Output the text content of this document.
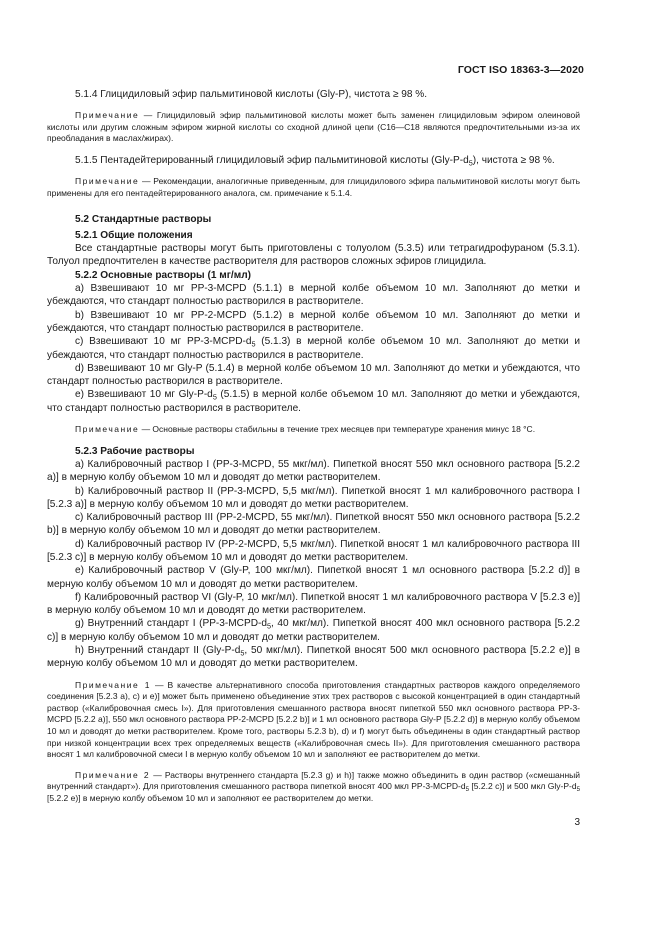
ГОСТ ISO 18363-3—2020

5.1.4 Глицидиловый эфир пальмитиновой кислоты (Gly-P), чистота ≥ 98 %.

Примечание — Глицидиловый эфир пальмитиновой кислоты может быть заменен глицидиловым эфиром олеиновой кислоты или другим сложным эфиром жирной кислоты со сходной длиной цепи (С16—С18 являются предпочтительными из-за их преобладания в маслах/жирах).

5.1.5 Пентадейтерированный глицидиловый эфир пальмитиновой кислоты $(Gly-P-d_5)$, чистота ≥ 98 %.

Примечание — Рекомендации, аналогичные приведенным, для глицидилового эфира пальмитиновой кислоты могут быть применены для его пентадейтерированного аналога, см. примечание к 5.1.4.

5.2 Стандартные растворы

5.2.1 Общие положения

Все стандартные растворы могут быть приготовлены с толуолом (5.3.5) или тетрагидрофураном (5.3.1). Толуол предпочтителен в качестве растворителя для растворов сложных эфиров глицидила.

5.2.2 Основные растворы (1 мг/мл)

a) Взвешивают 10 мг PP-3-MCPD (5.1.1) в мерной колбе объемом 10 мл. Заполняют до метки и убеждаются, что стандарт полностью растворился в растворителе.

b) Взвешивают 10 мг PP-2-MCPD (5.1.2) в мерной колбе объемом 10 мл. Заполняют до метки и убеждаются, что стандарт полностью растворился в растворителе.

c) Взвешивают 10 мг $PP-3-MCPD-d_5$ (5.1.3) в мерной колбе объемом 10 мл. Заполняют до метки и убеждаются, что стандарт полностью растворился в растворителе.

d) Взвешивают 10 мг Gly-P (5.1.4) в мерной колбе объемом 10 мл. Заполняют до метки и убеждаются, что стандарт полностью растворился в растворителе.

e) Взвешивают 10 мг Gly-$P-d_5$ (5.1.5) в мерной колбе объемом 10 мл. Заполняют до метки и убеждаются, что стандарт полностью растворился в растворителе.

Примечание — Основные растворы стабильны в течение трех месяцев при температуре хранения минус 18 °С.

5.2.3 Рабочие растворы

a) Калибровочный раствор I (PP-3-MCPD, 55 мкг/мл). Пипеткой вносят 550 мкл основного раствора [5.2.2 a)] в мерную колбу объемом 10 мл и доводят до метки растворителем.

b) Калибровочный раствор II (PP-3-MCPD, 5,5 мкг/мл). Пипеткой вносят 1 мл калибровочного раствора I [5.2.3 a)] в мерную колбу объемом 10 мл и доводят до метки растворителем.

c) Калибровочный раствор III (PP-2-MCPD, 55 мкг/мл). Пипеткой вносят 550 мкл основного раствора [5.2.2 b)] в мерную колбу объемом 10 мл и доводят до метки растворителем.

d) Калибровочный раствор IV (PP-2-MCPD, 5,5 мкг/мл). Пипеткой вносят 1 мл калибровочного раствора III [5.2.3 c)] в мерную колбу объемом 10 мл и доводят до метки растворителем.

e) Калибровочный раствор V (Gly-P, 100 мкг/мл). Пипеткой вносят 1 мл основного раствора [5.2.2 d)] в мерную колбу объемом 10 мл и доводят до метки растворителем.

f) Калибровочный раствор VI (Gly-P, 10 мкг/мл). Пипеткой вносят 1 мл калибровочного раствора V [5.2.3 e)] в мерную колбу объемом 10 мл и доводят до метки растворителем.

g) Внутренний стандарт I ($PP-3-MCPD-d_5$, 40 мкг/мл). Пипеткой вносят 400 мкл основного раствора [5.2.2 c)] в мерную колбу объемом 10 мл и доводят до метки растворителем.

h) Внутренний стандарт II ($Gly-P-d_5$, 50 мкг/мл). Пипеткой вносят 500 мкл основного раствора [5.2.2 e)] в мерную колбу объемом 10 мл и доводят до метки растворителем.

Примечание 1 — В качестве альтернативного способа приготовления стандартных растворов каждого определяемого соединения [5.2.3 a), c) и e)] может быть применено объединение этих трех растворов с высокой концентрацией в один стандартный раствор («Калибровочная смесь I»). Для приготовления смешанного раствора вносят пипеткой 550 мкл основного раствора PP-3-MCPD [5.2.2 a)], 550 мкл основного раствора PP-2-MCPD [5.2.2 b)] и 1 мл основного раствора Gly-P [5.2.2 d)] в мерную колбу объемом 10 мл и доводят до метки растворителем. Кроме того, растворы 5.2.3 b), d) и f) могут быть объединены в один стандартный раствор при низкой концентрации всех трех определяемых веществ («Калибровочная смесь II»). Для приготовления смешанного раствора вносят 1 мл калибровочной смеси I в мерную колбу объемом 10 мл и заполняют ее растворителем до метки.

Примечание 2 — Растворы внутреннего стандарта [5.2.3 g) и h)] также можно объединить в один раствор («смешанный внутренний стандарт»). Для приготовления смешанного раствора пипеткой вносят 400 мкл $PP-3-MCPD-d_5$ [5.2.2 c)] и 500 мкл Gly-$P-d_5$ [5.2.2 e)] в мерную колбу объемом 10 мл и заполняют ее растворителем до метки.

3
